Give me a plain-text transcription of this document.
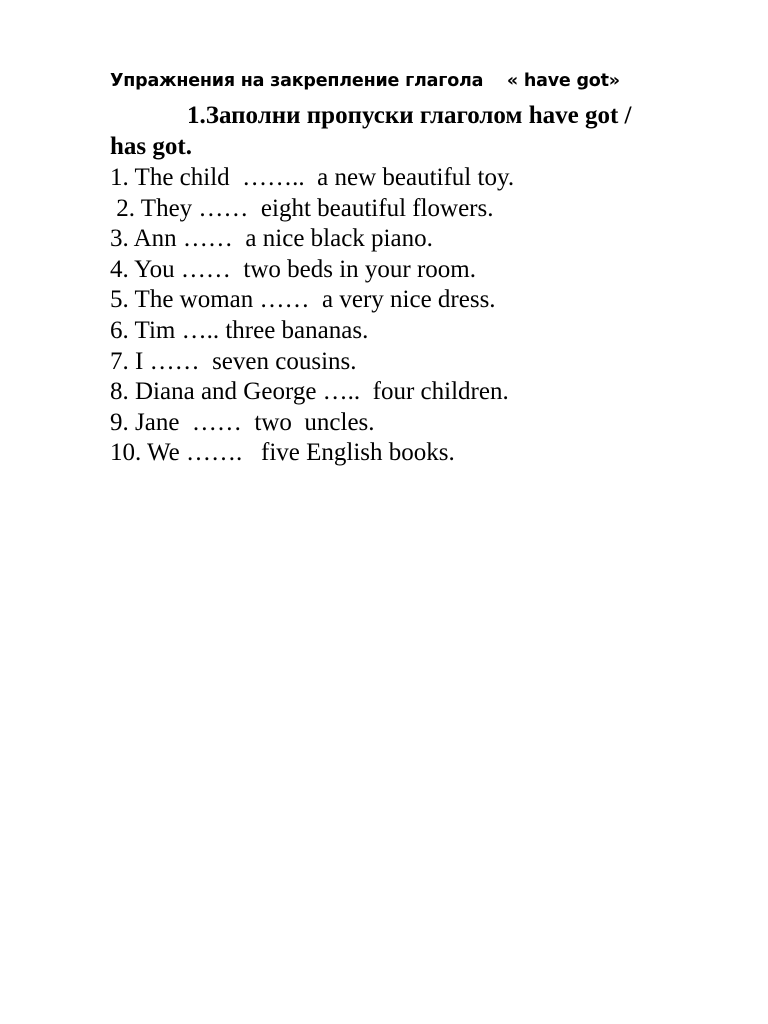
Упражнения на закрепление глагола    « have got»
1.Заполни пропуски глаголом have got /
has got.
1. The child  ……..  a new beautiful toy.
2. They ……  eight beautiful flowers.
3. Ann ……  a nice black piano.
4. You ……  two beds in your room.
5. The woman ……  a very nice dress.
6. Tim ….. three bananas.
7. I ……  seven cousins.
8. Diana and George …..  four children.
9. Jane  ……  two  uncles.
10. We …….   five English books.
